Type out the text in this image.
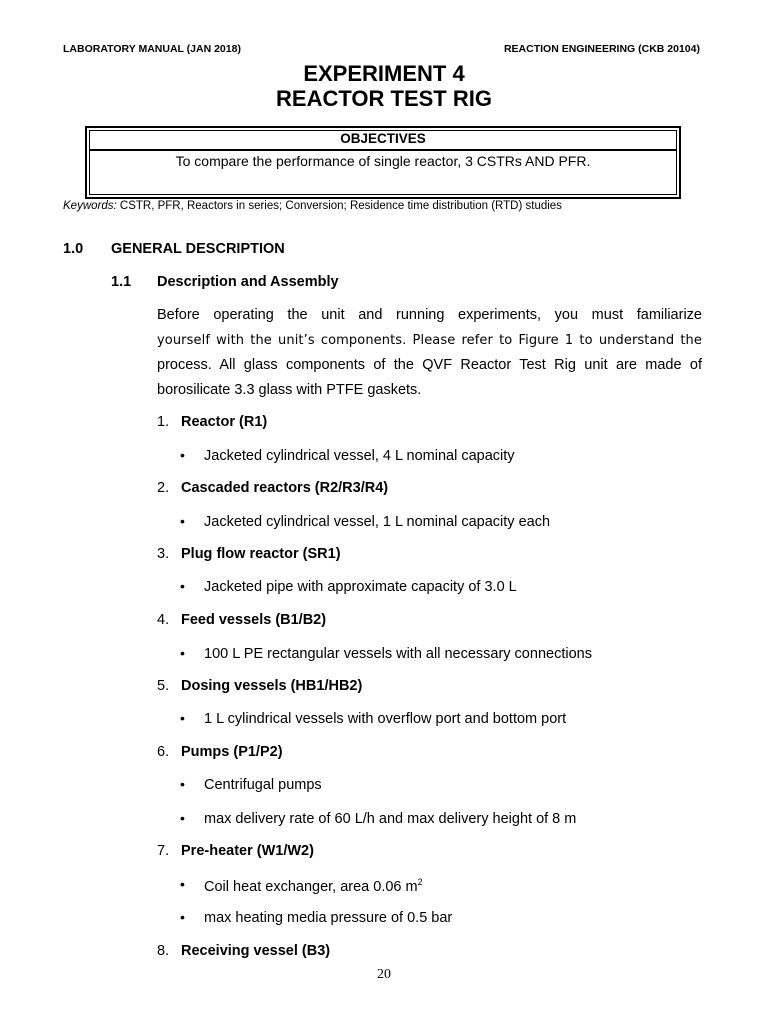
LABORATORY MANUAL (JAN 2018)	REACTION ENGINEERING (CKB 20104)
EXPERIMENT 4
REACTOR TEST RIG
OBJECTIVES
To compare the performance of single reactor, 3 CSTRs AND PFR.
Keywords: CSTR, PFR, Reactors in series; Conversion; Residence time distribution (RTD) studies
1.0 GENERAL DESCRIPTION
1.1 Description and Assembly
Before operating the unit and running experiments, you must familiarize
yourself with the unit’s components. Please refer to Figure 1 to understand the
process. All glass components of the QVF Reactor Test Rig unit are made of
borosilicate 3.3 glass with PTFE gaskets.
1. Reactor (R1)
• Jacketed cylindrical vessel, 4 L nominal capacity
2. Cascaded reactors (R2/R3/R4)
• Jacketed cylindrical vessel, 1 L nominal capacity each
3. Plug flow reactor (SR1)
• Jacketed pipe with approximate capacity of 3.0 L
4. Feed vessels (B1/B2)
• 100 L PE rectangular vessels with all necessary connections
5. Dosing vessels (HB1/HB2)
• 1 L cylindrical vessels with overflow port and bottom port
6. Pumps (P1/P2)
• Centrifugal pumps
• max delivery rate of 60 L/h and max delivery height of 8 m
7. Pre-heater (W1/W2)
• Coil heat exchanger, area 0.06 $m^2$
• max heating media pressure of 0.5 bar
8. Receiving vessel (B3)
20
